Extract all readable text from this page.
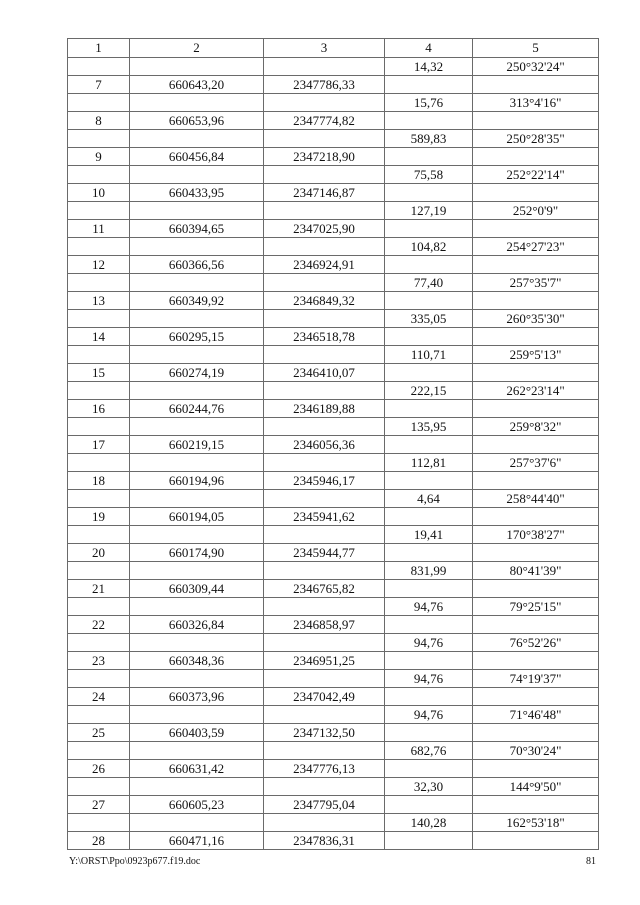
1	2	3	4	5
			14,32	250°32'24"
7	660643,20	2347786,33		
			15,76	313°4'16"
8	660653,96	2347774,82		
			589,83	250°28'35"
9	660456,84	2347218,90		
			75,58	252°22'14"
10	660433,95	2347146,87		
			127,19	252°0'9"
11	660394,65	2347025,90		
			104,82	254°27'23"
12	660366,56	2346924,91		
			77,40	257°35'7"
13	660349,92	2346849,32		
			335,05	260°35'30"
14	660295,15	2346518,78		
			110,71	259°5'13"
15	660274,19	2346410,07		
			222,15	262°23'14"
16	660244,76	2346189,88		
			135,95	259°8'32"
17	660219,15	2346056,36		
			112,81	257°37'6"
18	660194,96	2345946,17		
			4,64	258°44'40"
19	660194,05	2345941,62		
			19,41	170°38'27"
20	660174,90	2345944,77		
			831,99	80°41'39"
21	660309,44	2346765,82		
			94,76	79°25'15"
22	660326,84	2346858,97		
			94,76	76°52'26"
23	660348,36	2346951,25		
			94,76	74°19'37"
24	660373,96	2347042,49		
			94,76	71°46'48"
25	660403,59	2347132,50		
			682,76	70°30'24"
26	660631,42	2347776,13		
			32,30	144°9'50"
27	660605,23	2347795,04		
			140,28	162°53'18"
28	660471,16	2347836,31		
Y:\ORST\Ppo\0923p677.f19.doc	81
